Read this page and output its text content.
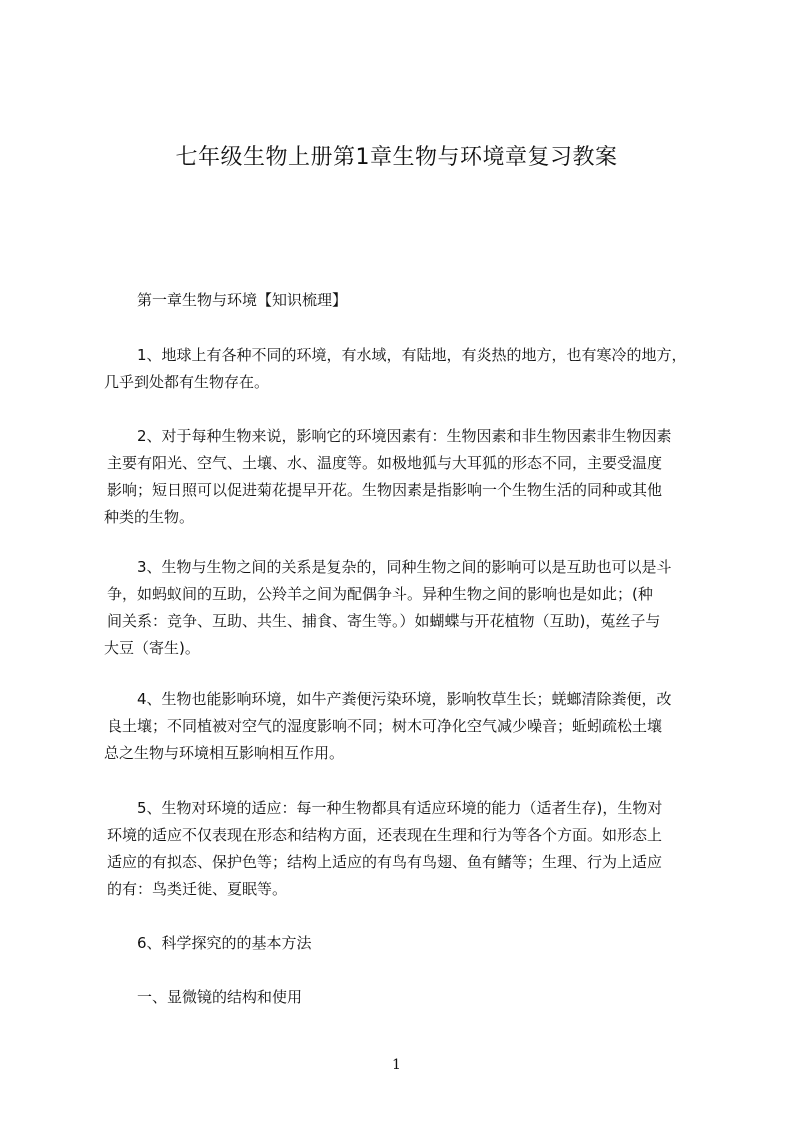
七年级生物上册第1章生物与环境章复习教案

第一章生物与环境【知识梳理】

1、地球上有各种不同的环境，有水域，有陆地，有炎热的地方，也有寒冷的地方，

几乎到处都有生物存在。

2、对于每种生物来说，影响它的环境因素有：生物因素和非生物因素非生物因素

主要有阳光、空气、土壤、水、温度等。如极地狐与大耳狐的形态不同，主要受温度

影响；短日照可以促进菊花提早开花。生物因素是指影响一个生物生活的同种或其他

种类的生物。

3、生物与生物之间的关系是复杂的，同种生物之间的影响可以是互助也可以是斗

争，如蚂蚁间的互助，公羚羊之间为配偶争斗。异种生物之间的影响也是如此；(种

间关系：竞争、互助、共生、捕食、寄生等。）如蝴蝶与开花植物（互助)，菟丝子与

大豆（寄生)。

4、生物也能影响环境，如牛产粪便污染环境，影响牧草生长；蜣螂清除粪便，改

良土壤；不同植被对空气的湿度影响不同；树木可净化空气减少噪音；蚯蚓疏松土壤

总之生物与环境相互影响相互作用。

5、生物对环境的适应：每一种生物都具有适应环境的能力（适者生存)，生物对

环境的适应不仅表现在形态和结构方面，还表现在生理和行为等各个方面。如形态上

适应的有拟态、保护色等；结构上适应的有鸟有鸟翅、鱼有鳍等；生理、行为上适应

的有：鸟类迁徙、夏眠等。

6、科学探究的的基本方法

一、显微镜的结构和使用

1
